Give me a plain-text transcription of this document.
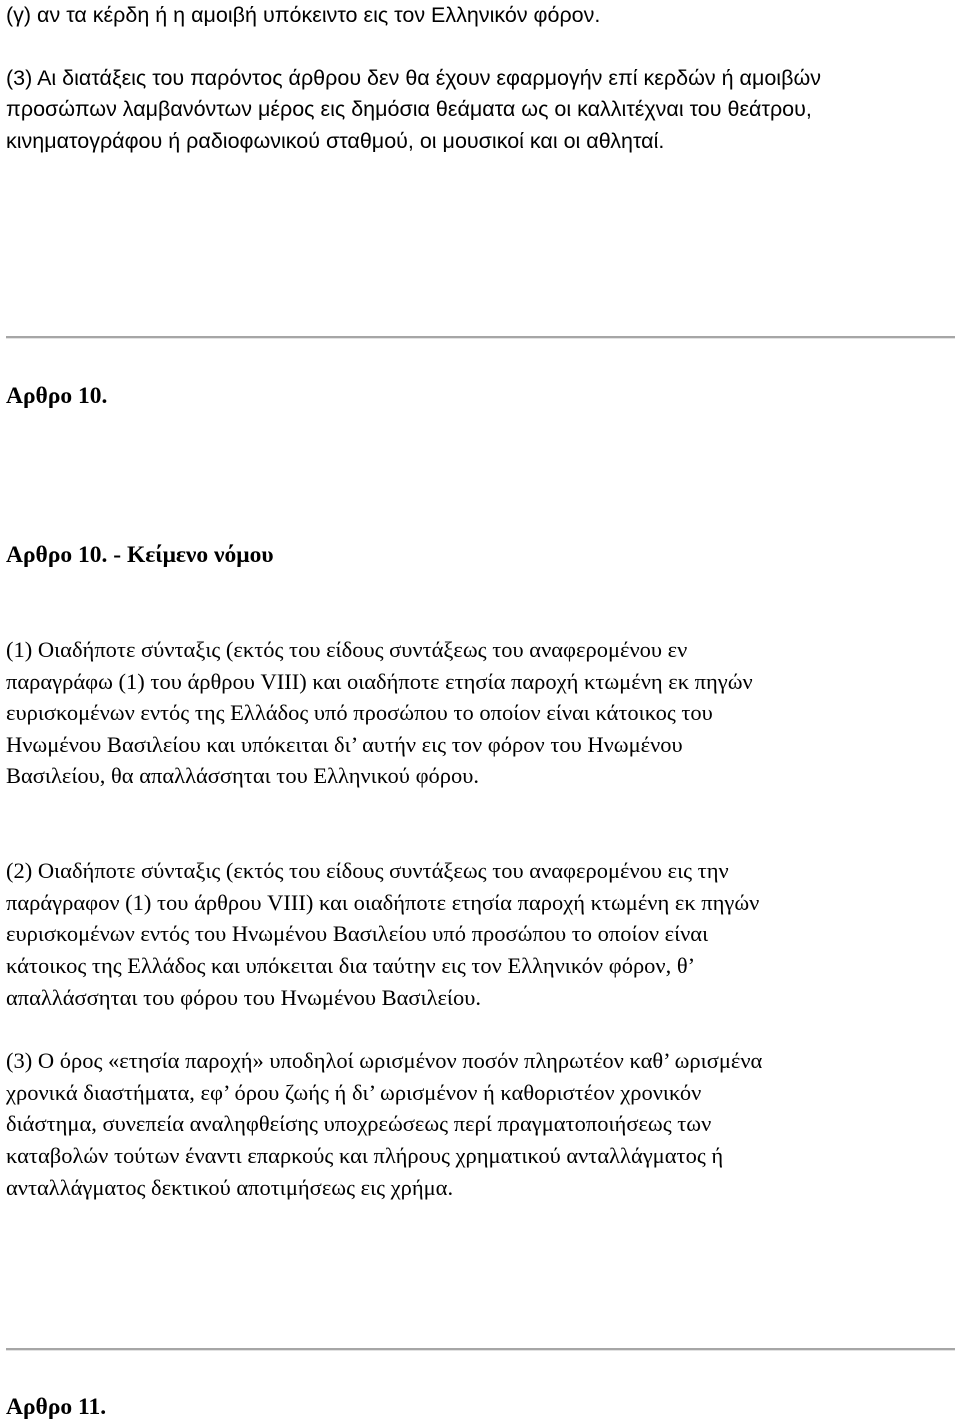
(γ) αν τα κέρδη ή η αμοιβή υπόκειντο εις τον Ελληνικόν φόρον.

(3) Αι διατάξεις του παρόντος άρθρου δεν θα έχουν εφαρμογήν επί κερδών ή αμοιβών

προσώπων λαμβανόντων μέρος εις δημόσια θεάματα ως οι καλλιτέχναι του θεάτρου,

κινηματογράφου ή ραδιοφωνικού σταθμού, οι μουσικοί και οι αθληταί.

Αρθρο 10.
Αρθρο 10. - Κείμενο νόμου

(1) Οιαδήποτε σύνταξις (εκτός του είδους συντάξεως του αναφερομένου εν

παραγράφω (1) του άρθρου VIII) και οιαδήποτε ετησία παροχή κτωμένη εκ πηγών

ευρισκομένων εντός της Ελλάδος υπό προσώπου το οποίον είναι κάτοικος του

Ηνωμένου Βασιλείου και υπόκειται δι’ αυτήν εις τον φόρον του Ηνωμένου

Βασιλείου, θα απαλλάσσηται του Ελληνικού φόρου.

(2) Οιαδήποτε σύνταξις (εκτός του είδους συντάξεως του αναφερομένου εις την

παράγραφον (1) του άρθρου VIII) και οιαδήποτε ετησία παροχή κτωμένη εκ πηγών

ευρισκομένων εντός του Ηνωμένου Βασιλείου υπό προσώπου το οποίον είναι

κάτοικος της Ελλάδος και υπόκειται δια ταύτην εις τον Ελληνικόν φόρον, θ’

απαλλάσσηται του φόρου του Ηνωμένου Βασιλείου.

(3) Ο όρος «ετησία παροχή» υποδηλοί ωρισμένον ποσόν πληρωτέον καθ’ ωρισμένα

χρονικά διαστήματα, εφ’ όρου ζωής ή δι’ ωρισμένον ή καθοριστέον χρονικόν

διάστημα, συνεπεία αναληφθείσης υποχρεώσεως περί πραγματοποιήσεως των

καταβολών τούτων έναντι επαρκούς και πλήρους χρηματικού ανταλλάγματος ή

ανταλλάγματος δεκτικού αποτιμήσεως εις χρήμα.

Αρθρο 11.
